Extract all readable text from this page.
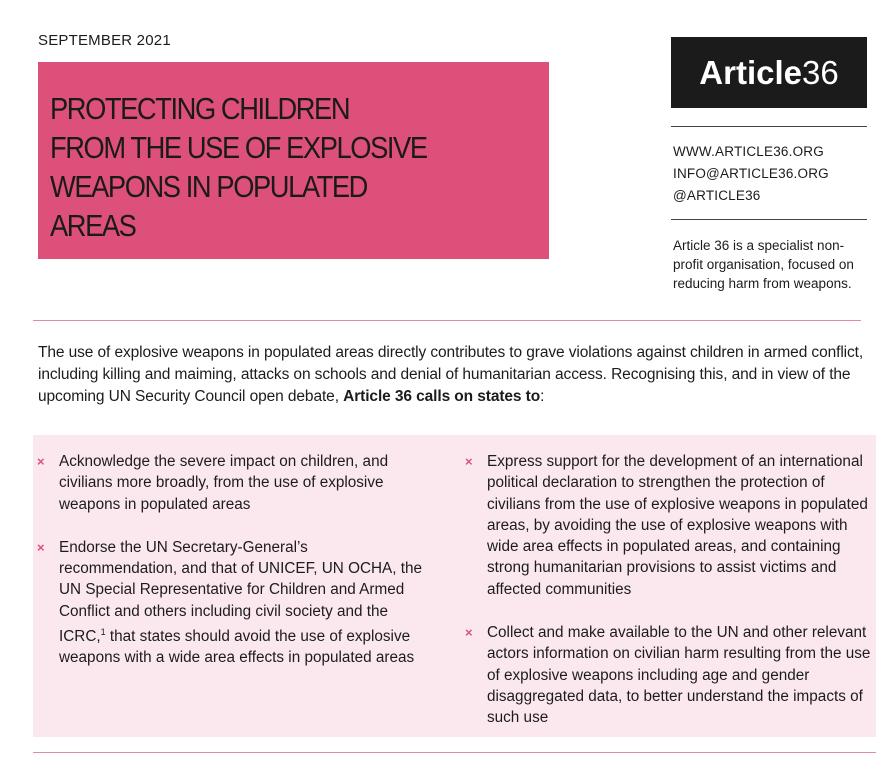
SEPTEMBER 2021
PROTECTING CHILDREN
FROM THE USE OF EXPLOSIVE
WEAPONS IN POPULATED
AREAS
Article 36
WWW.ARTICLE36.ORG
INFO@ARTICLE36.ORG
@ARTICLE36
Article 36 is a specialist non-profit organisation, focused on reducing harm from weapons.
The use of explosive weapons in populated areas directly contributes to grave violations against children in armed conflict, including killing and maiming, attacks on schools and denial of humanitarian access. Recognising this, and in view of the upcoming UN Security Council open debate, Article 36 calls on states to:
× Acknowledge the severe impact on children, and civilians more broadly, from the use of explosive weapons in populated areas
× Endorse the UN Secretary-General’s recommendation, and that of UNICEF, UN OCHA, the UN Special Representative for Children and Armed Conflict and others including civil society and the ICRC,$^1$ that states should avoid the use of explosive weapons with a wide area effects in populated areas
× Express support for the development of an international political declaration to strengthen the protection of civilians from the use of explosive weapons in populated areas, by avoiding the use of explosive weapons with wide area effects in populated areas, and containing strong humanitarian provisions to assist victims and affected communities
× Collect and make available to the UN and other relevant actors information on civilian harm resulting from the use of explosive weapons including age and gender disaggregated data, to better understand the impacts of such use
